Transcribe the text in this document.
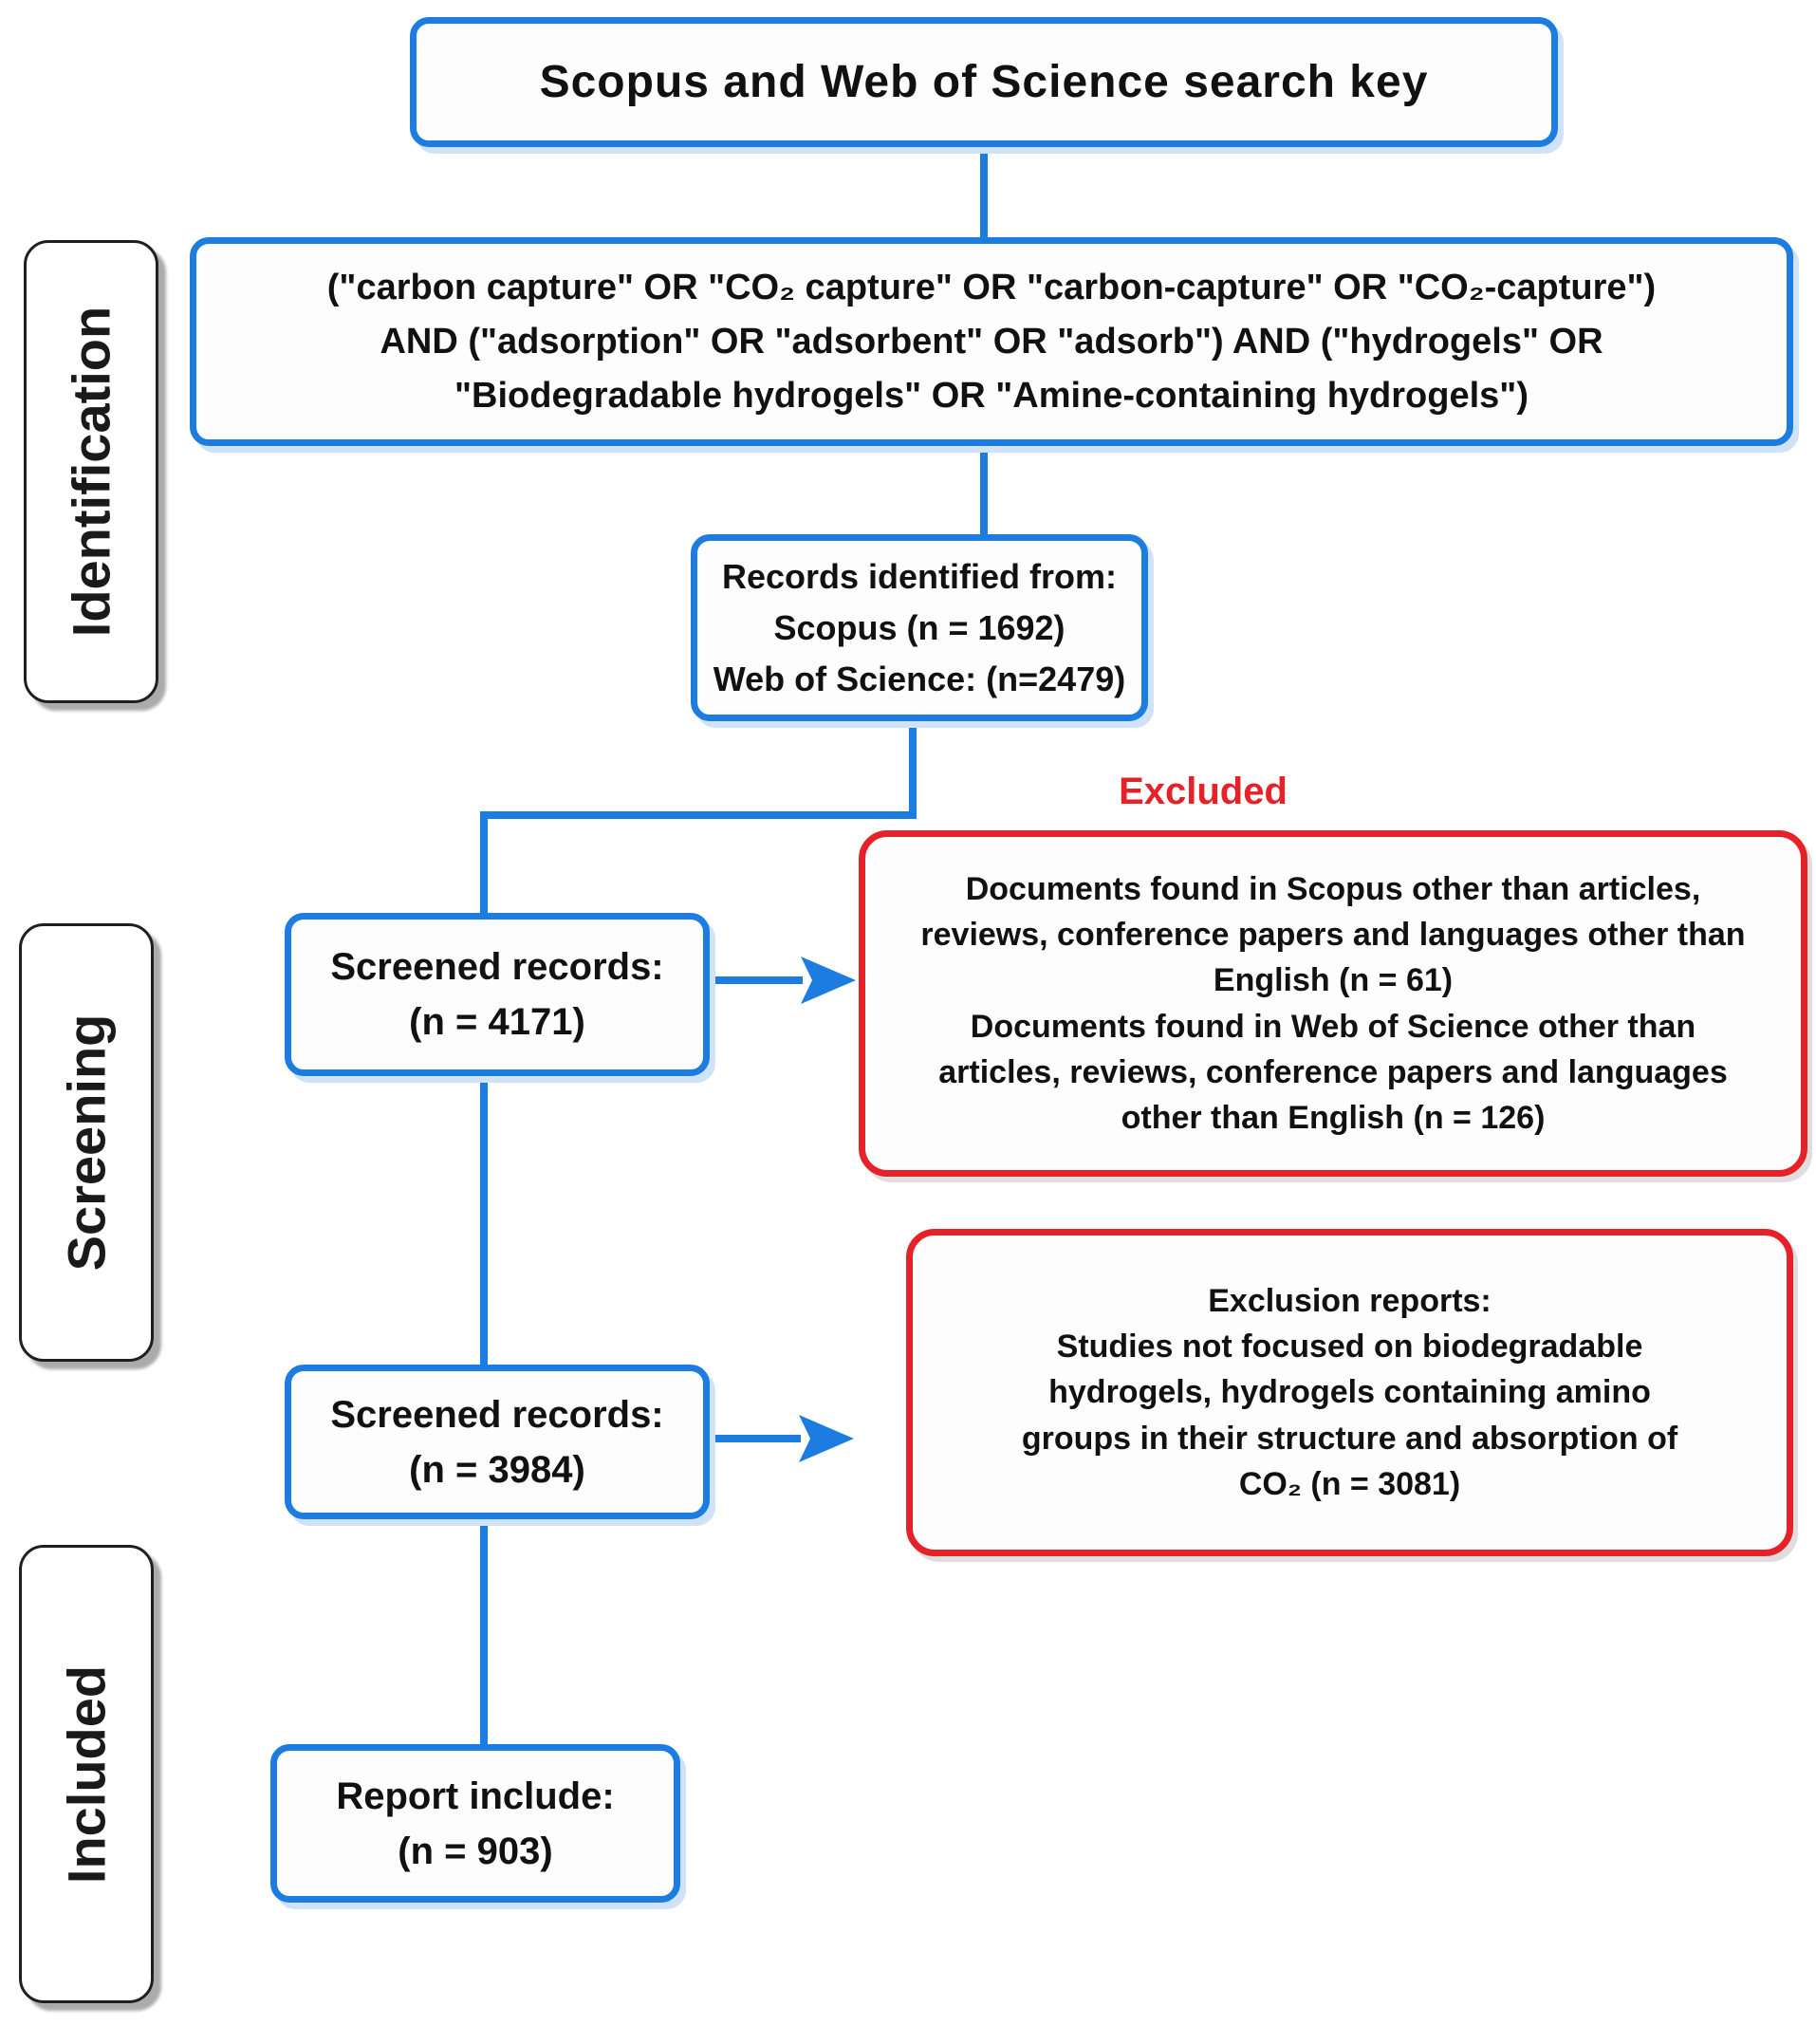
Identification
Screening
Included
Scopus and Web of Science search key
("carbon capture" OR "CO₂ capture" OR "carbon-capture" OR "CO₂-capture")
AND ("adsorption" OR "adsorbent" OR "adsorb") AND ("hydrogels" OR
"Biodegradable hydrogels" OR "Amine-containing hydrogels")
Records identified from:
Scopus (n = 1692)
Web of Science: (n=2479)
Excluded
Documents found in Scopus other than articles, reviews, conference papers and languages other than English (n = 61)
Documents found in Web of Science other than articles, reviews, conference papers and languages other than English (n = 126)
Screened records:
(n = 4171)
Exclusion reports:
Studies not focused on biodegradable hydrogels, hydrogels containing amino groups in their structure and absorption of CO₂ (n = 3081)
Screened records:
(n = 3984)
Report include:
(n = 903)
